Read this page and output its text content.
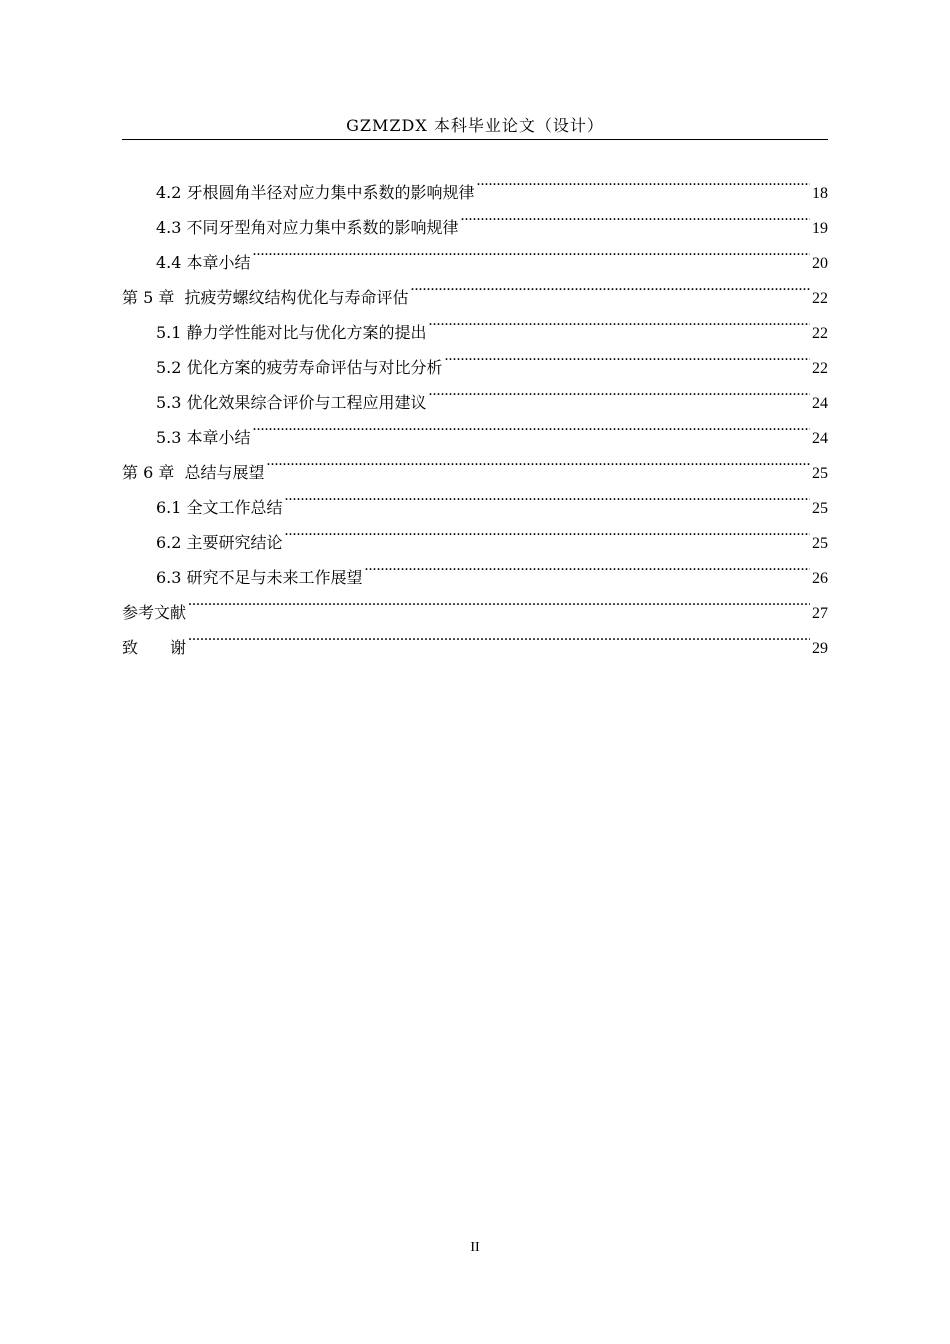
GZMZDX 本科毕业论文（设计）
4.2 牙根圆角半径对应力集中系数的影响规律 .....	18
4.3 不同牙型角对应力集中系数的影响规律 .....	19
4.4 本章小结 .....	20
第 5 章  抗疲劳螺纹结构优化与寿命评估 .....	22
5.1 静力学性能对比与优化方案的提出 .....	22
5.2 优化方案的疲劳寿命评估与对比分析 .....	22
5.3 优化效果综合评价与工程应用建议 .....	24
5.3 本章小结 .....	24
第 6 章  总结与展望 .....	25
6.1 全文工作总结 .....	25
6.2 主要研究结论 .....	25
6.3 研究不足与未来工作展望 .....	26
参考文献 .....	27
致　　谢 .....	29
II
